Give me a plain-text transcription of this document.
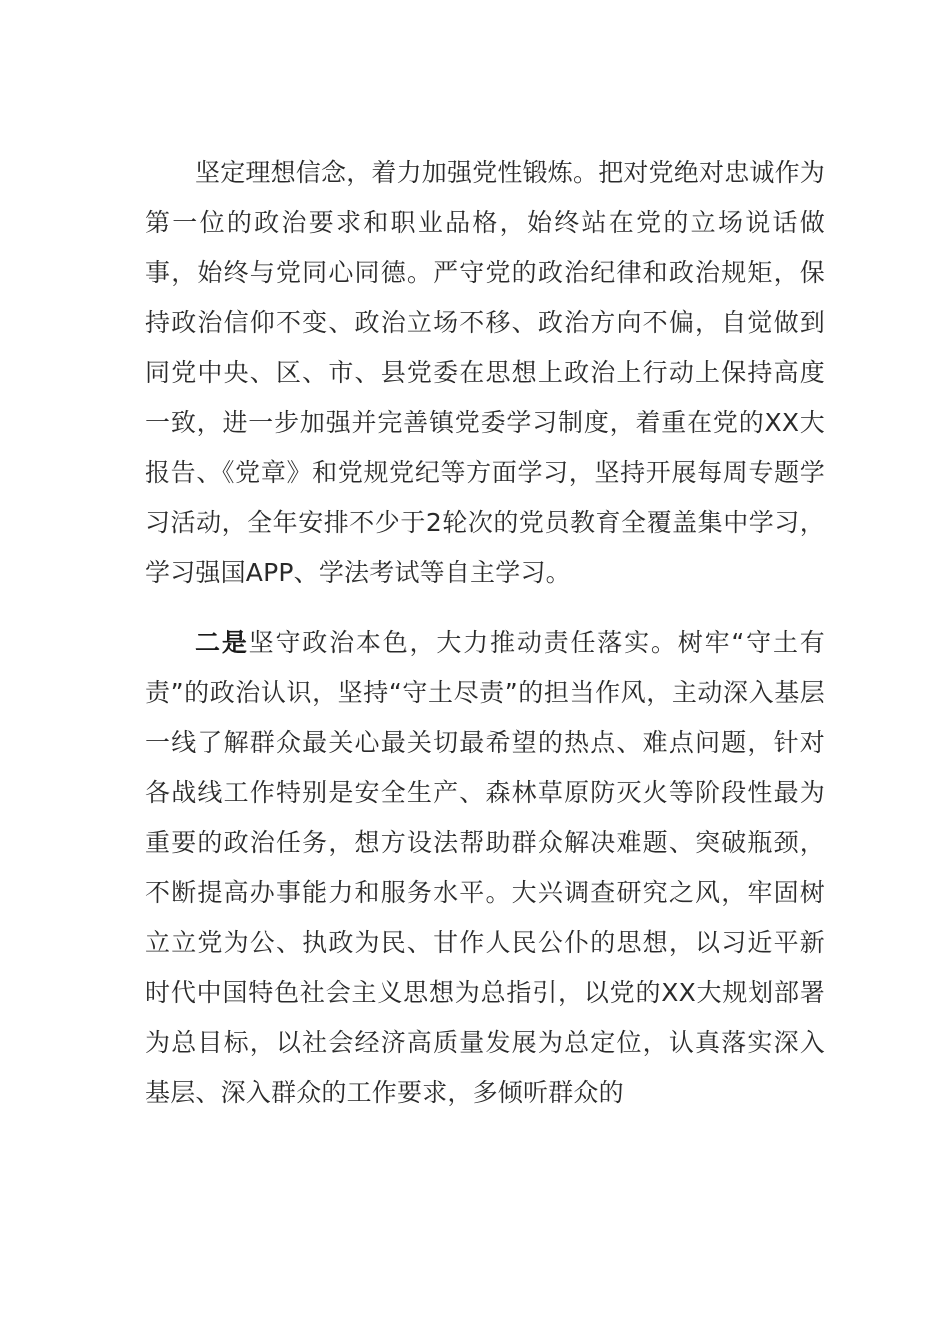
坚定理想信念，着力加强党性锻炼。把对党绝对忠诚作为第一位的政治要求和职业品格，始终站在党的立场说话做事，始终与党同心同德。严守党的政治纪律和政治规矩，保持政治信仰不变、政治立场不移、政治方向不偏，自觉做到同党中央、区、市、县党委在思想上政治上行动上保持高度一致，进一步加强并完善镇党委学习制度，着重在党的XX大报告、《党章》和党规党纪等方面学习，坚持开展每周专题学习活动，全年安排不少于2轮次的党员教育全覆盖集中学习，学习强国APP、学法考试等自主学习。

二是坚守政治本色，大力推动责任落实。树牢“守土有责”的政治认识，坚持“守土尽责”的担当作风，主动深入基层一线了解群众最关心最关切最希望的热点、难点问题，针对各战线工作特别是安全生产、森林草原防灭火等阶段性最为重要的政治任务，想方设法帮助群众解决难题、突破瓶颈，不断提高办事能力和服务水平。大兴调查研究之风，牢固树立立党为公、执政为民、甘作人民公仆的思想，以习近平新时代中国特色社会主义思想为总指引，以党的XX大规划部署为总目标，以社会经济高质量发展为总定位，认真落实深入基层、深入群众的工作要求，多倾听群众的
